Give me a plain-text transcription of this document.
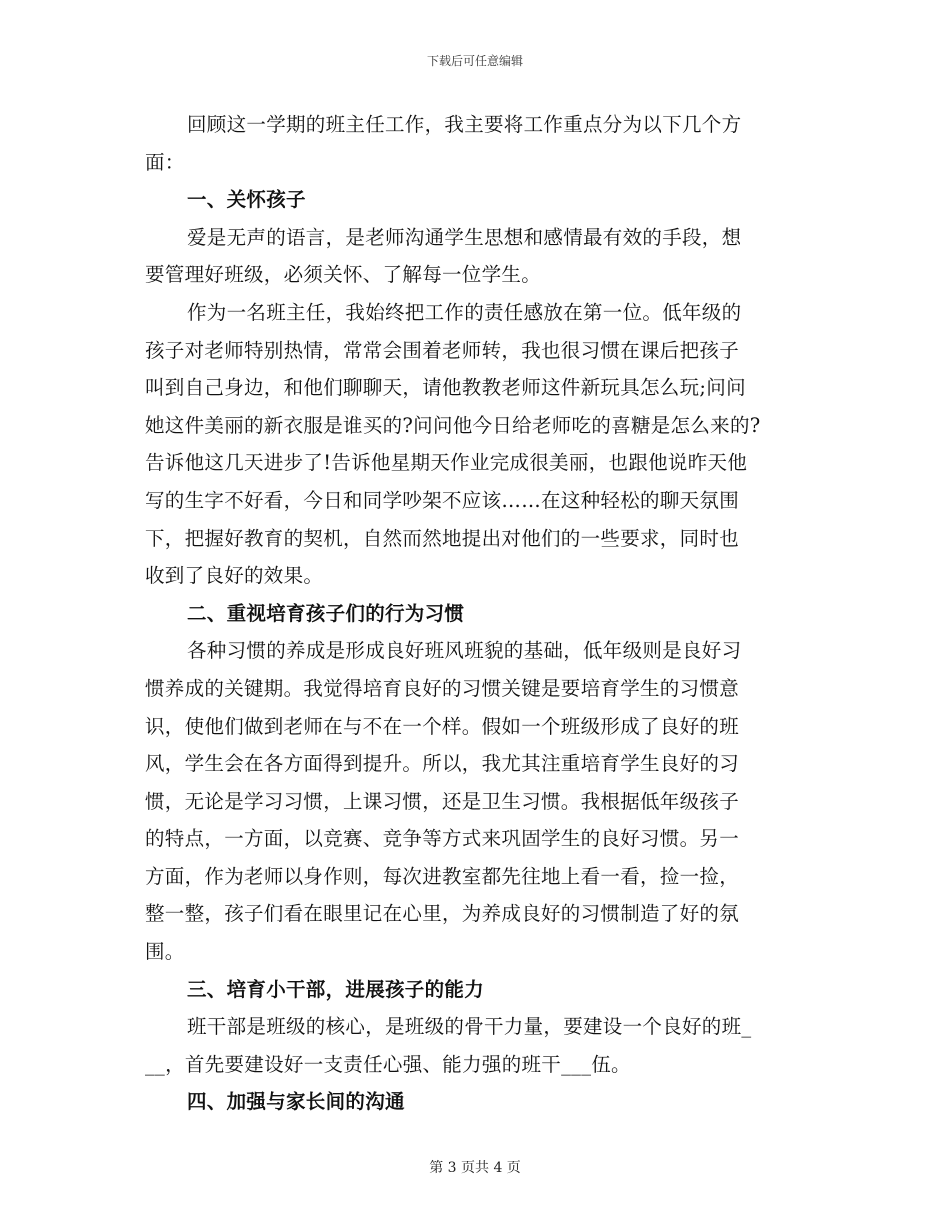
下载后可任意编辑
回顾这一学期的班主任工作，我主要将工作重点分为以下几个方
面：
一、关怀孩子
爱是无声的语言，是老师沟通学生思想和感情最有效的手段，想
要管理好班级，必须关怀、了解每一位学生。
作为一名班主任，我始终把工作的责任感放在第一位。低年级的
孩子对老师特别热情，常常会围着老师转，我也很习惯在课后把孩子
叫到自己身边，和他们聊聊天，请他教教老师这件新玩具怎么玩;问问
她这件美丽的新衣服是谁买的?问问他今日给老师吃的喜糖是怎么来的?
告诉他这几天进步了!告诉他星期天作业完成很美丽，也跟他说昨天他
写的生字不好看，今日和同学吵架不应该……在这种轻松的聊天氛围
下，把握好教育的契机，自然而然地提出对他们的一些要求，同时也
收到了良好的效果。
二、重视培育孩子们的行为习惯
各种习惯的养成是形成良好班风班貌的基础，低年级则是良好习
惯养成的关键期。我觉得培育良好的习惯关键是要培育学生的习惯意
识，使他们做到老师在与不在一个样。假如一个班级形成了良好的班
风，学生会在各方面得到提升。所以，我尤其注重培育学生良好的习
惯，无论是学习习惯，上课习惯，还是卫生习惯。我根据低年级孩子
的特点，一方面，以竞赛、竞争等方式来巩固学生的良好习惯。另一
方面，作为老师以身作则，每次进教室都先往地上看一看，捡一捡，
整一整，孩子们看在眼里记在心里，为养成良好的习惯制造了好的氛
围。
三、培育小干部，进展孩子的能力
班干部是班级的核心，是班级的骨干力量，要建设一个良好的班_
__，首先要建设好一支责任心强、能力强的班干___伍。
四、加强与家长间的沟通
第 3 页共 4 页
